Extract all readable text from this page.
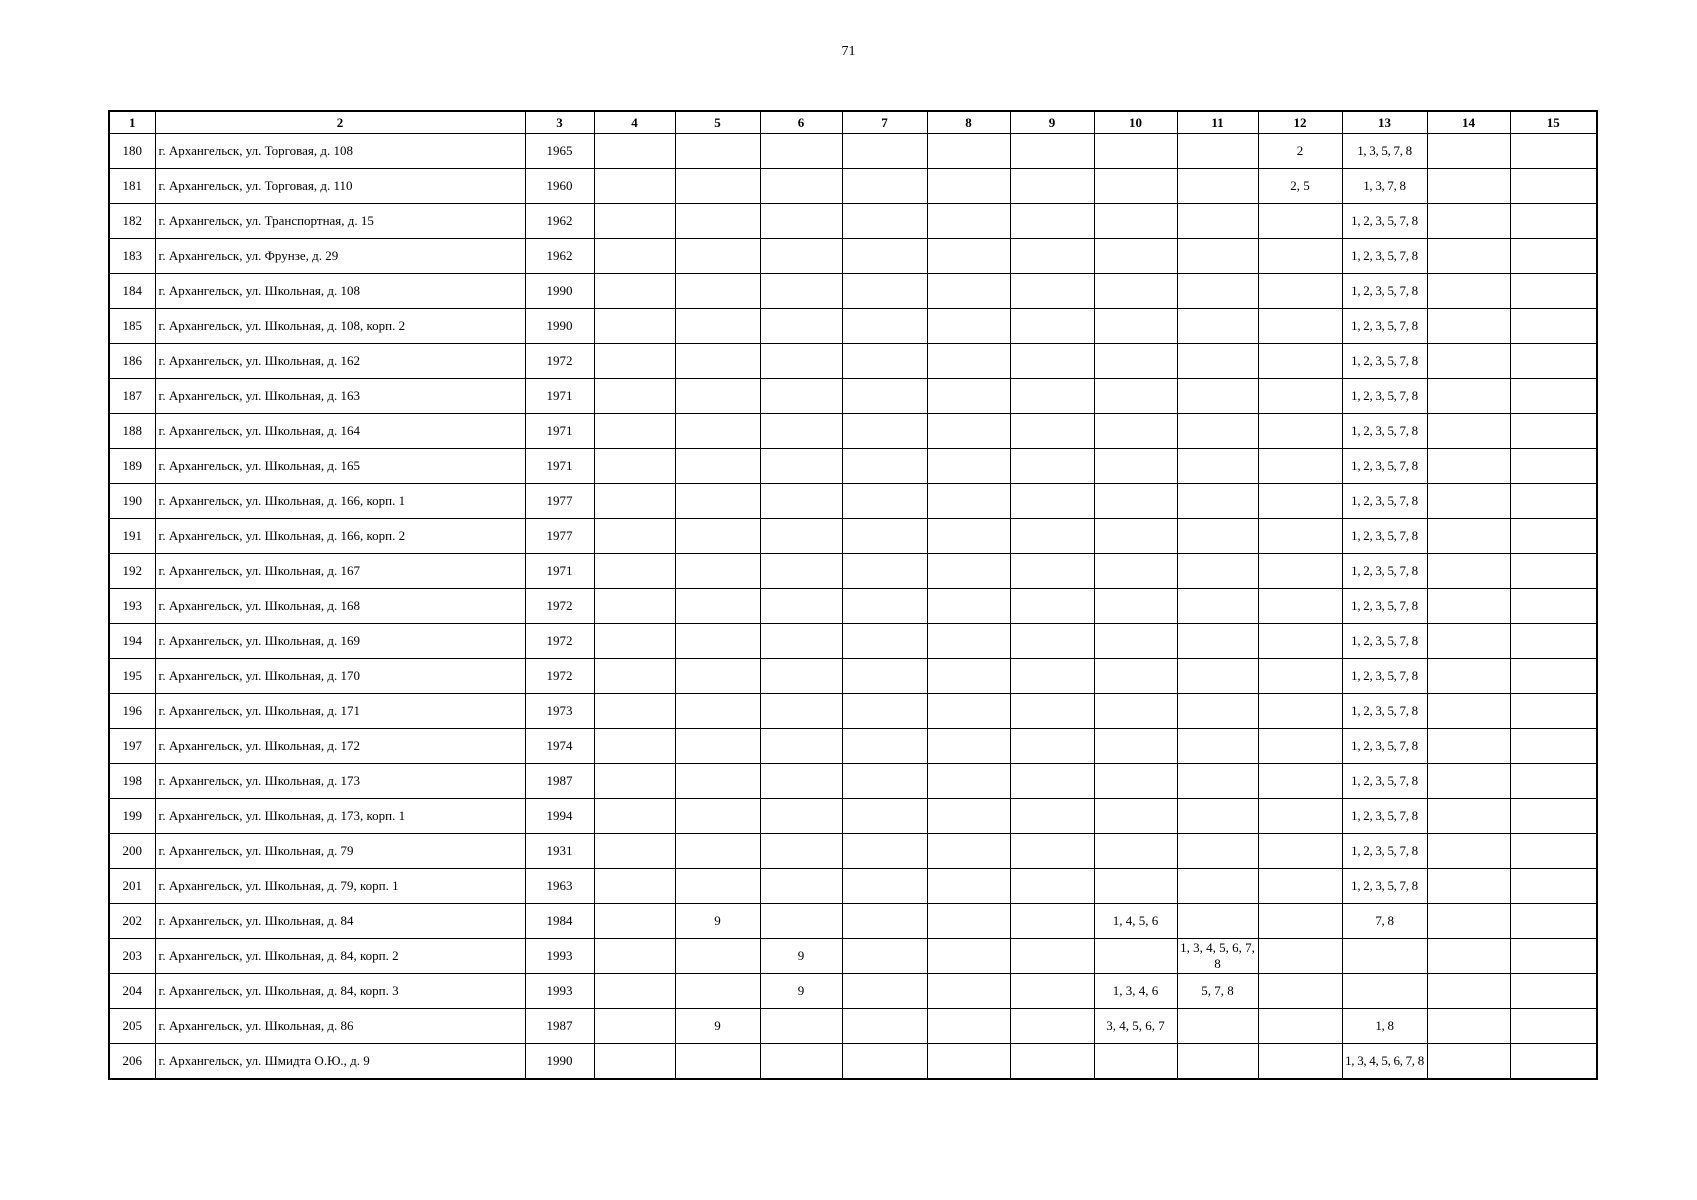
71
1	2	3	4	5	6	7	8	9	10	11	12	13	14	15
180	г. Архангельск, ул. Торговая, д. 108	1965									2	1, 3, 5, 7, 8		
181	г. Архангельск, ул. Торговая, д. 110	1960									2, 5	1, 3, 7, 8		
182	г. Архангельск, ул. Транспортная, д. 15	1962										1, 2, 3, 5, 7, 8		
183	г. Архангельск, ул. Фрунзе, д. 29	1962										1, 2, 3, 5, 7, 8		
184	г. Архангельск, ул. Школьная, д. 108	1990										1, 2, 3, 5, 7, 8		
185	г. Архангельск, ул. Школьная, д. 108, корп. 2	1990										1, 2, 3, 5, 7, 8		
186	г. Архангельск, ул. Школьная, д. 162	1972										1, 2, 3, 5, 7, 8		
187	г. Архангельск, ул. Школьная, д. 163	1971										1, 2, 3, 5, 7, 8		
188	г. Архангельск, ул. Школьная, д. 164	1971										1, 2, 3, 5, 7, 8		
189	г. Архангельск, ул. Школьная, д. 165	1971										1, 2, 3, 5, 7, 8		
190	г. Архангельск, ул. Школьная, д. 166, корп. 1	1977										1, 2, 3, 5, 7, 8		
191	г. Архангельск, ул. Школьная, д. 166, корп. 2	1977										1, 2, 3, 5, 7, 8		
192	г. Архангельск, ул. Школьная, д. 167	1971										1, 2, 3, 5, 7, 8		
193	г. Архангельск, ул. Школьная, д. 168	1972										1, 2, 3, 5, 7, 8		
194	г. Архангельск, ул. Школьная, д. 169	1972										1, 2, 3, 5, 7, 8		
195	г. Архангельск, ул. Школьная, д. 170	1972										1, 2, 3, 5, 7, 8		
196	г. Архангельск, ул. Школьная, д. 171	1973										1, 2, 3, 5, 7, 8		
197	г. Архангельск, ул. Школьная, д. 172	1974										1, 2, 3, 5, 7, 8		
198	г. Архангельск, ул. Школьная, д. 173	1987										1, 2, 3, 5, 7, 8		
199	г. Архангельск, ул. Школьная, д. 173, корп. 1	1994										1, 2, 3, 5, 7, 8		
200	г. Архангельск, ул. Школьная, д. 79	1931										1, 2, 3, 5, 7, 8		
201	г. Архангельск, ул. Школьная, д. 79, корп. 1	1963										1, 2, 3, 5, 7, 8		
202	г. Архангельск, ул. Школьная, д. 84	1984		9					1, 4, 5, 6			7, 8		
203	г. Архангельск, ул. Школьная, д. 84, корп. 2	1993			9					1, 3, 4, 5, 6, 7, 8				
204	г. Архангельск, ул. Школьная, д. 84, корп. 3	1993			9				1, 3, 4, 6	5, 7, 8				
205	г. Архангельск, ул. Школьная, д. 86	1987		9					3, 4, 5, 6, 7			1, 8		
206	г. Архангельск, ул. Шмидта О.Ю., д. 9	1990										1, 3, 4, 5, 6, 7, 8		
